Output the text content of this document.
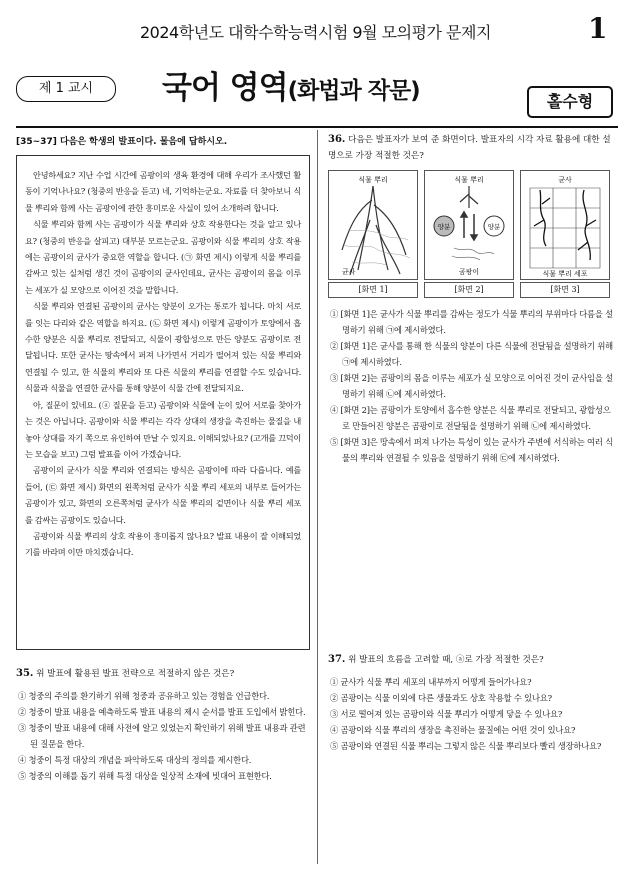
2024학년도 대학수학능력시험 9월 모의평가 문제지	1
제 1 교시	국어 영역(화법과 작문)	홀수형
[35~37] 다음은 학생의 발표이다. 물음에 답하시오.

안녕하세요? 지난 수업 시간에 곰팡이의 생육 환경에 대해 우리가 조사했던 활동이 기억나나요? (청중의 반응을 듣고) 네, 기억하는군요. 자료를 더 찾아보니 식물 뿌리와 함께 사는 곰팡이에 관한 흥미로운 사실이 있어 소개하려 합니다.

식물 뿌리와 함께 사는 곰팡이가 식물 뿌리와 상호 작용한다는 것을 알고 있나요? (청중의 반응을 살피고) 대부분 모르는군요. 곰팡이와 식물 뿌리의 상호 작용에는 곰팡이의 균사가 중요한 역할을 합니다. (㉠ 화면 제시) 이렇게 식물 뿌리를 감싸고 있는 실처럼 생긴 것이 곰팡이의 균사인데요, 균사는 곰팡이의 몸을 이루는 세포가 실 모양으로 이어진 것을 말합니다.

식물 뿌리와 연결된 곰팡이의 균사는 양분이 오가는 통로가 됩니다. 마치 서로를 잇는 다리와 같은 역할을 하지요. (㉡ 화면 제시) 이렇게 곰팡이가 토양에서 흡수한 양분은 식물 뿌리로 전달되고, 식물이 광합성으로 만든 양분도 곰팡이로 전달됩니다. 또한 균사는 땅속에서 퍼져 나가면서 거리가 떨어져 있는 식물 뿌리와 연결될 수 있고, 한 식물의 뿌리와 또 다른 식물의 뿌리를 연결할 수도 있습니다. 식물과 식물을 연결한 균사를 통해 양분이 식물 간에 전달되지요.

아, 질문이 있네요. (ⓐ 질문을 듣고) 곰팡이와 식물에 눈이 있어 서로를 찾아가는 것은 아닙니다. 곰팡이와 식물 뿌리는 각각 상대의 생장을 촉진하는 물질을 내놓아 상대를 자기 쪽으로 유인하여 만날 수 있지요. 이해되었나요? (고개를 끄덕이는 모습을 보고) 그럼 발표를 이어 가겠습니다.

곰팡이의 균사가 식물 뿌리와 연결되는 방식은 곰팡이에 따라 다릅니다. 예를 들어, (㉢ 화면 제시) 화면의 왼쪽처럼 균사가 식물 뿌리 세포의 내부로 들어가는 곰팡이가 있고, 화면의 오른쪽처럼 균사가 식물 뿌리의 겉면이나 식물 뿌리 세포를 감싸는 곰팡이도 있습니다.

곰팡이와 식물 뿌리의 상호 작용이 흥미롭지 않나요? 발표 내용이 잘 이해되었기를 바라며 이만 마치겠습니다.

35. 위 발표에 활용된 발표 전략으로 적절하지 않은 것은?
① 청중의 주의를 환기하기 위해 청중과 공유하고 있는 경험을 언급한다.
② 청중이 발표 내용을 예측하도록 발표 내용의 제시 순서를 발표 도입에서 밝힌다.
③ 청중이 발표 내용에 대해 사전에 알고 있었는지 확인하기 위해 발표 내용과 관련된 질문을 한다.
④ 청중이 특정 대상의 개념을 파악하도록 대상의 정의를 제시한다.
⑤ 청중의 이해를 돕기 위해 특정 대상을 일상적 소재에 빗대어 표현한다.
36. 다음은 발표자가 보여 준 화면이다. 발표자의 시각 자료 활용에 대한 설명으로 가장 적절한 것은?
식물 뿌리
균사
[화면 1]
식물 뿌리
양분	양분
곰팡이
[화면 2]
균사
식물 뿌리 세포
[화면 3]
① [화면 1]은 균사가 식물 뿌리를 감싸는 정도가 식물 뿌리의 부위마다 다름을 설명하기 위해 ㉠에 제시하였다.
② [화면 1]은 균사를 통해 한 식물의 양분이 다른 식물에 전달됨을 설명하기 위해 ㉠에 제시하였다.
③ [화면 2]는 곰팡이의 몸을 이루는 세포가 실 모양으로 이어진 것이 균사임을 설명하기 위해 ㉡에 제시하였다.
④ [화면 2]는 곰팡이가 토양에서 흡수한 양분은 식물 뿌리로 전달되고, 광합성으로 만들어진 양분은 곰팡이로 전달됨을 설명하기 위해 ㉡에 제시하였다.
⑤ [화면 3]은 땅속에서 퍼져 나가는 특성이 있는 균사가 주변에 서식하는 여러 식물의 뿌리와 연결될 수 있음을 설명하기 위해 ㉢에 제시하였다.
37. 위 발표의 흐름을 고려할 때, ⓐ로 가장 적절한 것은?
① 균사가 식물 뿌리 세포의 내부까지 어떻게 들어가나요?
② 곰팡이는 식물 이외에 다른 생물과도 상호 작용할 수 있나요?
③ 서로 떨어져 있는 곰팡이와 식물 뿌리가 어떻게 닿을 수 있나요?
④ 곰팡이와 식물 뿌리의 생장을 촉진하는 물질에는 어떤 것이 있나요?
⑤ 곰팡이와 연결된 식물 뿌리는 그렇지 않은 식물 뿌리보다 빨리 생장하나요?
